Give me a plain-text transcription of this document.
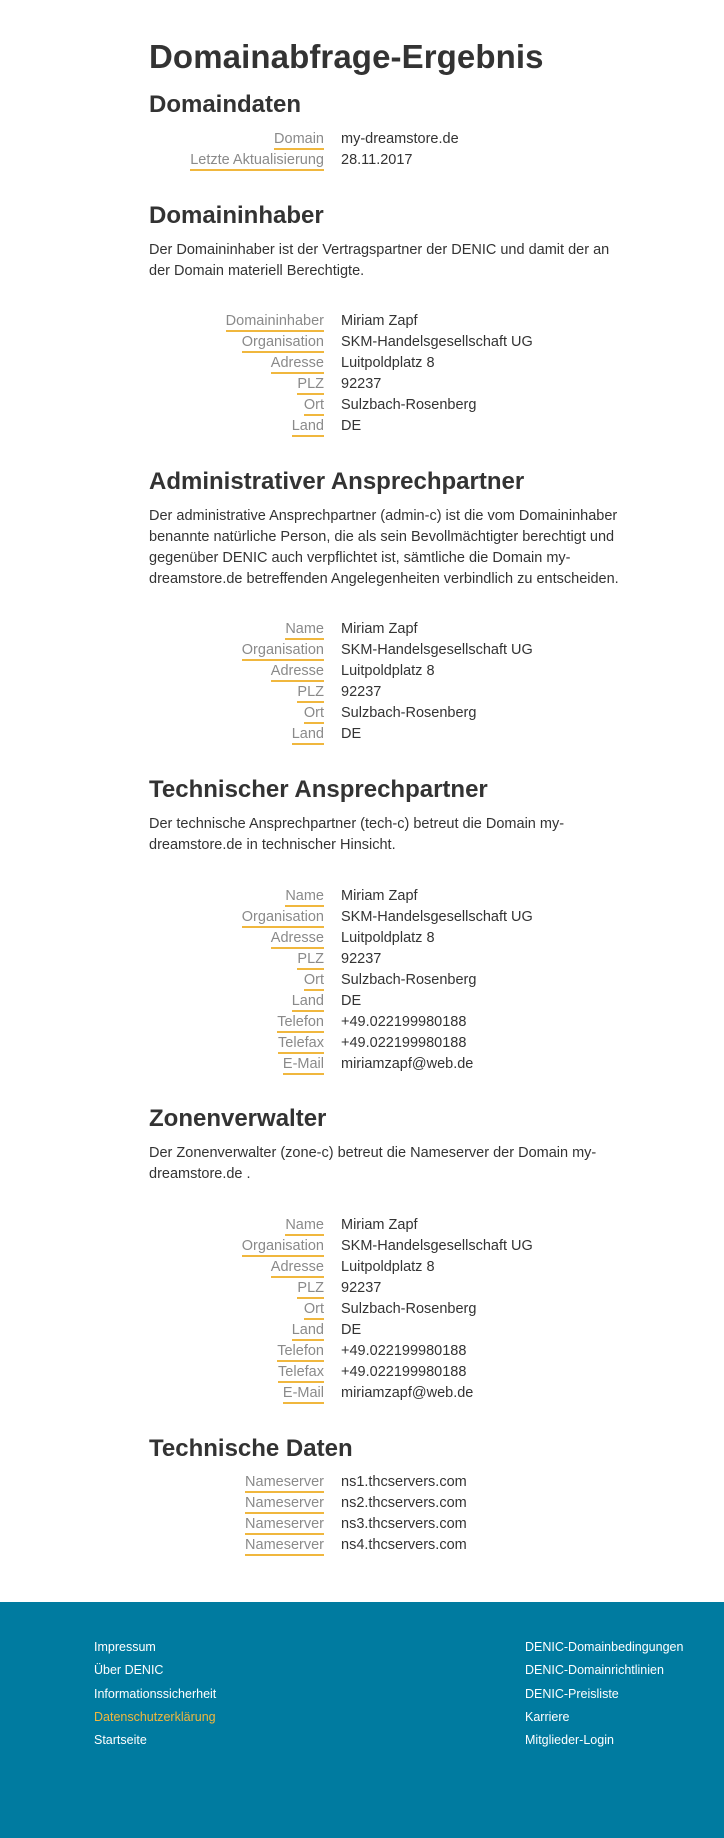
Domainabfrage-Ergebnis
Domaindaten
Domain my-dreamstore.de
Letzte Aktualisierung 28.11.2017
Domaininhaber

Der Domaininhaber ist der Vertragspartner der DENIC und damit der an der Domain materiell Berechtigte.

Domaininhaber Miriam Zapf
Organisation SKM-Handelsgesellschaft UG
Adresse Luitpoldplatz 8
PLZ 92237
Ort Sulzbach-Rosenberg
Land DE
Administrativer Ansprechpartner

Der administrative Ansprechpartner (admin-c) ist die vom Domaininhaber benannte natürliche Person, die als sein Bevollmächtigter berechtigt und gegenüber DENIC auch verpflichtet ist, sämtliche die Domain my-dreamstore.de betreffenden Angelegenheiten verbindlich zu entscheiden.

Name Miriam Zapf
Organisation SKM-Handelsgesellschaft UG
Adresse Luitpoldplatz 8
PLZ 92237
Ort Sulzbach-Rosenberg
Land DE
Technischer Ansprechpartner

Der technische Ansprechpartner (tech-c) betreut die Domain my-dreamstore.de in technischer Hinsicht.

Name Miriam Zapf
Organisation SKM-Handelsgesellschaft UG
Adresse Luitpoldplatz 8
PLZ 92237
Ort Sulzbach-Rosenberg
Land DE
Telefon +49.022199980188
Telefax +49.022199980188
E-Mail miriamzapf@web.de
Zonenverwalter

Der Zonenverwalter (zone-c) betreut die Nameserver der Domain my-dreamstore.de .

Name Miriam Zapf
Organisation SKM-Handelsgesellschaft UG
Adresse Luitpoldplatz 8
PLZ 92237
Ort Sulzbach-Rosenberg
Land DE
Telefon +49.022199980188
Telefax +49.022199980188
E-Mail miriamzapf@web.de
Technische Daten
Nameserver ns1.thcservers.com
Nameserver ns2.thcservers.com
Nameserver ns3.thcservers.com
Nameserver ns4.thcservers.com
Impressum
Über DENIC
Informationssicherheit
Datenschutzerklärung
Startseite
DENIC-Domainbedingungen
DENIC-Domainrichtlinien
DENIC-Preisliste
Karriere
Mitglieder-Login
